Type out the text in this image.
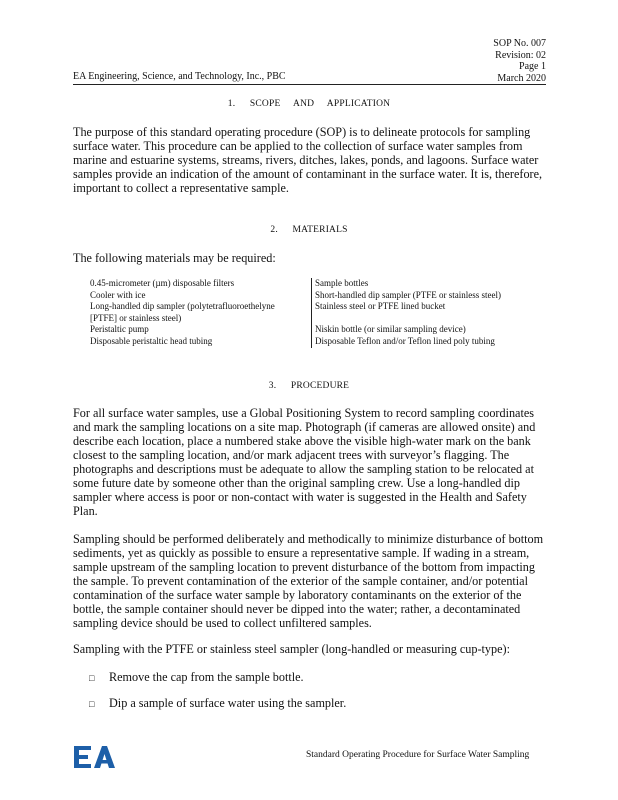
SOP No. 007
Revision: 02
Page 1
March 2020
EA Engineering, Science, and Technology, Inc., PBC
1. SCOPE AND APPLICATION
The purpose of this standard operating procedure (SOP) is to delineate protocols for sampling surface water. This procedure can be applied to the collection of surface water samples from marine and estuarine systems, streams, rivers, ditches, lakes, ponds, and lagoons. Surface water samples provide an indication of the amount of contaminant in the surface water. It is, therefore, important to collect a representative sample.
2. MATERIALS
The following materials may be required:
0.45-micrometer (µm) disposable filters
Cooler with ice
Long-handled dip sampler (polytetrafluoroethelyne
[PTFE] or stainless steel)
Peristaltic pump
Disposable peristaltic head tubing
Sample bottles
Short-handled dip sampler (PTFE or stainless steel)
Stainless steel or PTFE lined bucket
Niskin bottle (or similar sampling device)
Disposable Teflon and/or Teflon lined poly tubing
3. PROCEDURE
For all surface water samples, use a Global Positioning System to record sampling coordinates and mark the sampling locations on a site map. Photograph (if cameras are allowed onsite) and describe each location, place a numbered stake above the visible high-water mark on the bank closest to the sampling location, and/or mark adjacent trees with surveyor’s flagging. The photographs and descriptions must be adequate to allow the sampling station to be relocated at some future date by someone other than the original sampling crew. Use a long-handled dip sampler where access is poor or non-contact with water is suggested in the Health and Safety Plan.
Sampling should be performed deliberately and methodically to minimize disturbance of bottom sediments, yet as quickly as possible to ensure a representative sample. If wading in a stream, sample upstream of the sampling location to prevent disturbance of the bottom from impacting the sample. To prevent contamination of the exterior of the sample container, and/or potential contamination of the surface water sample by laboratory contaminants on the exterior of the bottle, the sample container should never be dipped into the water; rather, a decontaminated sampling device should be used to collect unfiltered samples.
Sampling with the PTFE or stainless steel sampler (long-handled or measuring cup-type):
□ Remove the cap from the sample bottle.
□ Dip a sample of surface water using the sampler.
Standard Operating Procedure for Surface Water Sampling
